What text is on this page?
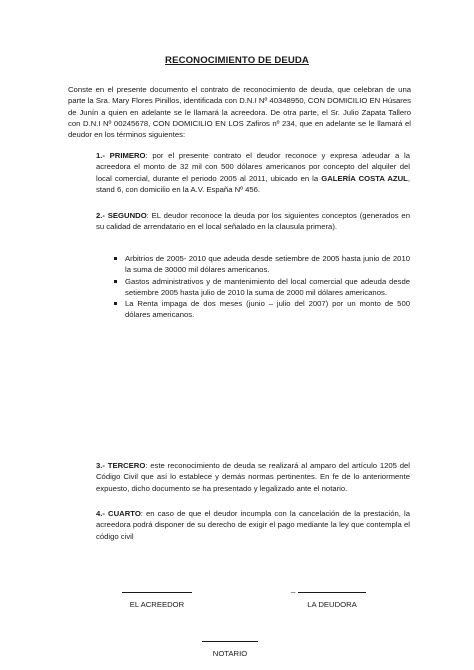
RECONOCIMIENTO DE DEUDA
Conste en el presente documento el contrato de reconocimiento de deuda, que celebran de una parte la Sra. Mary Flores Pinillos, identificada con D.N.I Nº 40348950, CON DOMICILIO EN Húsares de Junín a quien en adelante se le llamará la acreedora. De otra parte, el Sr. Julio Zapata Tallero con D.N.I Nº 00245678, CON DOMICILIO EN LOS Zafiros nº 234, que en adelante se le llamará el deudor en los términos siguientes:
1.- PRIMERO: por el presente contrato el deudor reconoce y expresa adeudar a la acreedora el monto de 32 mil con 500 dólares americanos por concepto del alquiler del local comercial, durante el periodo 2005 al 2011, ubicado en la GALERÍA COSTA AZUL, stand 6, con domicilio en la A.V. España Nº 456.
2.- SEGUNDO: EL deudor reconoce la deuda por los siguientes conceptos (generados en su calidad de arrendatario en el local señalado en la clausula primera).
Arbitrios de 2005- 2010 que adeuda desde setiembre de 2005 hasta junio de 2010 la suma de 30000 mil dólares americanos.
Gastos administrativos y de mantenimiento del local comercial que adeuda desde setiembre 2005 hasta julio de 2010 la suma de 2000 mil dólares americanos.
La Renta impaga de dos meses (junio – julio del 2007) por un monto de 500 dólares americanos.
3.- TERCERO: este reconocimiento de deuda se realizará al amparo del artículo 1205 del Código Civil que así lo establece y demás normas pertinentes. En fe de lo anteriormente expuesto, dicho documento se ha presentado y legalizado ante el notario.
4.- CUARTO: en caso de que el deudor incumpla con la cancelación de la prestación, la acreedora podrá disponer de su derecho de exigir el pago mediante la ley que contempla el código civil
EL ACREEDOR
_
LA DEUDORA
NOTARIO
